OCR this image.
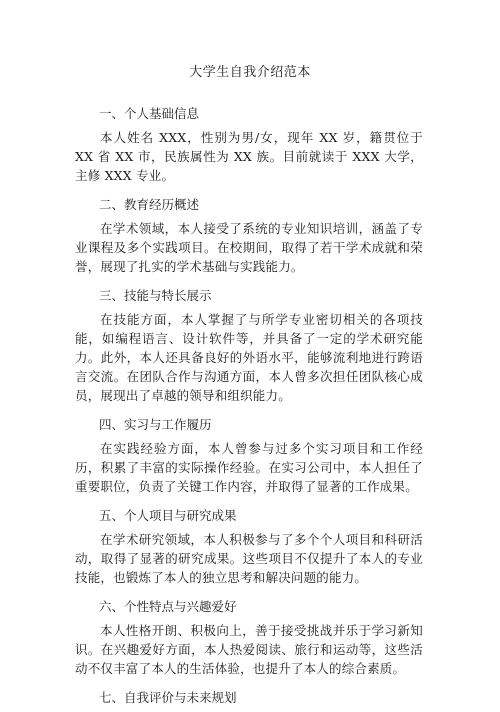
大学生自我介绍范本

一、个人基础信息

本人姓名 XXX，性别为男/女，现年 XX 岁，籍贯位于 XX 省 XX 市，民族属性为 XX 族。目前就读于 XXX 大学，主修 XXX 专业。

二、教育经历概述

在学术领域，本人接受了系统的专业知识培训，涵盖了专业课程及多个实践项目。在校期间，取得了若干学术成就和荣誉，展现了扎实的学术基础与实践能力。

三、技能与特长展示

在技能方面，本人掌握了与所学专业密切相关的各项技能，如编程语言、设计软件等，并具备了一定的学术研究能力。此外，本人还具备良好的外语水平，能够流利地进行跨语言交流。在团队合作与沟通方面，本人曾多次担任团队核心成员，展现出了卓越的领导和组织能力。

四、实习与工作履历

在实践经验方面，本人曾参与过多个实习项目和工作经历，积累了丰富的实际操作经验。在实习公司中，本人担任了重要职位，负责了关键工作内容，并取得了显著的工作成果。

五、个人项目与研究成果

在学术研究领域，本人积极参与了多个个人项目和科研活动，取得了显著的研究成果。这些项目不仅提升了本人的专业技能，也锻炼了本人的独立思考和解决问题的能力。

六、个性特点与兴趣爱好

本人性格开朗、积极向上，善于接受挑战并乐于学习新知识。在兴趣爱好方面，本人热爱阅读、旅行和运动等，这些活动不仅丰富了本人的生活体验，也提升了本人的综合素质。

七、自我评价与未来规划
